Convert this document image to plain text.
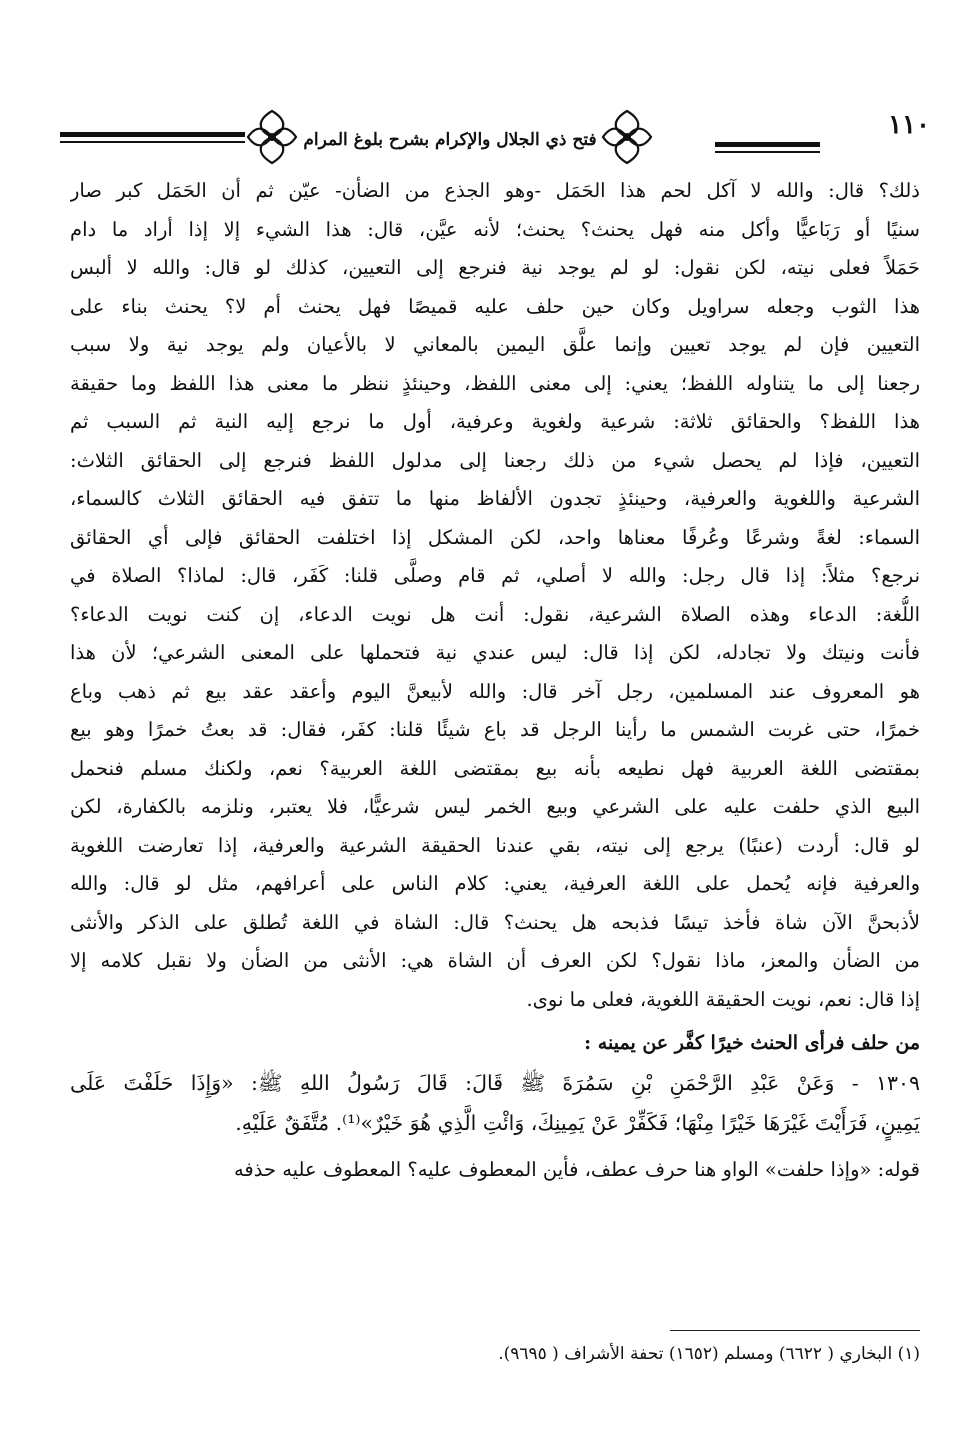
فتح ذي الجلال والإكرام بشرح بلوغ المرام	١١٠
ذلك؟ قال: والله لا آكل لحم هذا الحَمَل -وهو الجذع من الضأن- عيّن ثم أن الحَمَل كبر صار
سنيًا أو رَبَاعيًّا وأكل منه فهل يحنث؟ يحنث؛ لأنه عيَّن، قال: هذا الشيء إلا إذا أراد ما دام
حَمَلاً فعلى نيته، لكن نقول: لو لم يوجد نية فنرجع إلى التعيين، كذلك لو قال: والله لا ألبس
هذا الثوب وجعله سراويل وكان حين حلف عليه قميصًا فهل يحنث أم لا؟ يحنث بناء على
التعيين فإن لم يوجد تعيين وإنما علَّق اليمين بالمعاني لا بالأعيان ولم يوجد نية ولا سبب
رجعنا إلى ما يتناوله اللفظ؛ يعني: إلى معنى اللفظ، وحينئذٍ ننظر ما معنى هذا اللفظ وما حقيقة
هذا اللفظ؟ والحقائق ثلاثة: شرعية ولغوية وعرفية، أول ما نرجع إليه النية ثم السبب ثم
التعيين، فإذا لم يحصل شيء من ذلك رجعنا إلى مدلول اللفظ فنرجع إلى الحقائق الثلاث:
الشرعية واللغوية والعرفية، وحينئذٍ تجدون الألفاظ منها ما تتفق فيه الحقائق الثلاث كالسماء،
السماء: لغةً وشرعًا وعُرفًا معناها واحد، لكن المشكل إذا اختلفت الحقائق فإلى أي الحقائق
نرجع؟ مثلاً: إذا قال رجل: والله لا أصلي، ثم قام وصلَّى قلنا: كَفَر، قال: لماذا؟ الصلاة في
اللُّغة: الدعاء وهذه الصلاة الشرعية، نقول: أنت هل نويت الدعاء، إن كنت نويت الدعاء؟
فأنت ونيتك ولا تجادله، لكن إذا قال: ليس عندي نية فتحملها على المعنى الشرعي؛ لأن هذا
هو المعروف عند المسلمين، رجل آخر قال: والله لأبيعنَّ اليوم وأعقد عقد بيع ثم ذهب وباع
خمرًا، حتى غربت الشمس ما رأينا الرجل قد باع شيئًا قلنا: كفَر، فقال: قد بعتُ خمرًا وهو بيع
بمقتضى اللغة العربية فهل نطيعه بأنه بيع بمقتضى اللغة العربية؟ نعم، ولكنك مسلم فنحمل
البيع الذي حلفت عليه على الشرعي وبيع الخمر ليس شرعيًّا، فلا يعتبر، ونلزمه بالكفارة، لكن
لو قال: أردت (عنبًا) يرجع إلى نيته، بقي عندنا الحقيقة الشرعية والعرفية، إذا تعارضت اللغوية
والعرفية فإنه يُحمل على اللغة العرفية، يعني: كلام الناس على أعرافهم، مثل لو قال: والله
لأذبحنَّ الآن شاة فأخذ تيسًا فذبحه هل يحنث؟ قال: الشاة في اللغة تُطلق على الذكر والأنثى
من الضأن والمعز، ماذا نقول؟ لكن العرف أن الشاة هي: الأنثى من الضأن ولا نقبل كلامه إلا
إذا قال: نعم، نويت الحقيقة اللغوية، فعلى ما نوى.
من حلف فرأى الحنث خيرًا كفَّر عن يمينه :
١٣٠٩ - وَعَنْ عَبْدِ الرَّحْمَنِ بْنِ سَمُرَةَ ﷺ قَالَ: قَالَ رَسُولُ اللهِ ﷺ: «وَإِذَا حَلَفْتَ عَلَى
يَمِينٍ، فَرَأَيْتَ غَيْرَهَا خَيْرًا مِنْهَا؛ فَكَفِّرْ عَنْ يَمِينِكَ، وَائْتِ الَّذِي هُوَ خَيْرٌ»⁽¹⁾. مُتَّفَقٌ عَلَيْهِ.
قوله: «وإذا حلفت» الواو هنا حرف عطف، فأين المعطوف عليه؟ المعطوف عليه حذفه
(١) البخاري ( ٦٦٢٢) ومسلم (١٦٥٢) تحفة الأشراف ( ٩٦٩٥).
